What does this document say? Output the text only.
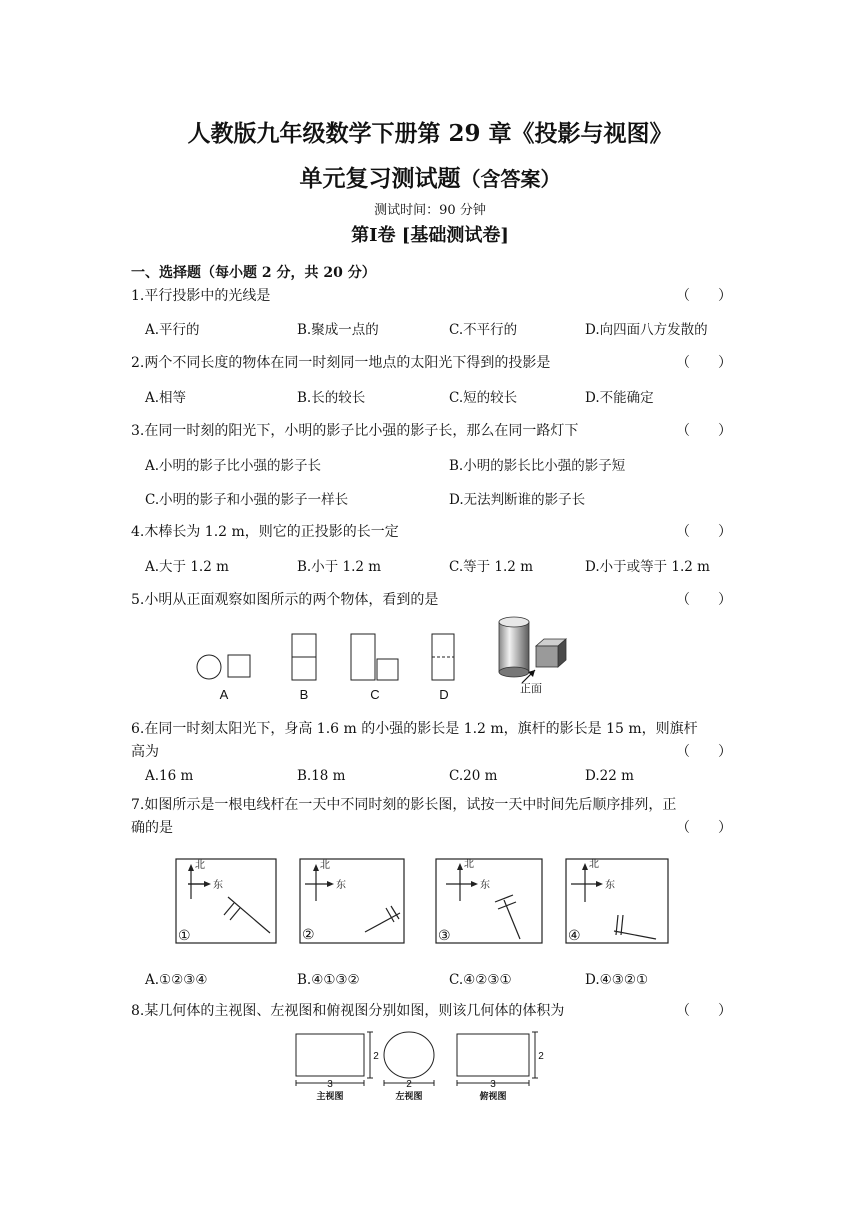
人教版九年级数学下册第 29 章《投影与视图》
单元复习测试题（含答案）
测试时间：90 分钟
第Ⅰ卷 [基础测试卷]
一、选择题（每小题 2 分，共 20 分）
1.平行投影中的光线是	（　　）
A.平行的	B.聚成一点的	C.不平行的	D.向四面八方发散的
2.两个不同长度的物体在同一时刻同一地点的太阳光下得到的投影是	（　　）
A.相等	B.长的较长	C.短的较长	D.不能确定
3.在同一时刻的阳光下，小明的影子比小强的影子长，那么在同一路灯下	（　　）
A.小明的影子比小强的影子长	B.小明的影长比小强的影子短
C.小明的影子和小强的影子一样长	D.无法判断谁的影子长
4.木棒长为 1.2 m，则它的正投影的长一定	（　　）
A.大于 1.2 m	B.小于 1.2 m	C.等于 1.2 m	D.小于或等于 1.2 m
5.小明从正面观察如图所示的两个物体，看到的是	（　　）
A	B	C	D	正面
6.在同一时刻太阳光下，身高 1.6 m 的小强的影长是 1.2 m，旗杆的影长是 15 m，则旗杆
高为	（　　）
A.16 m	B.18 m	C.20 m	D.22 m
7.如图所示是一根电线杆在一天中不同时刻的影长图，试按一天中时间先后顺序排列，正
确的是	（　　）
北
东
北
东
北
东
北
东
①	②	③	④
A.①②③④	B.④①③②	C.④②③①	D.④③②①
8.某几何体的主视图、左视图和俯视图分别如图，则该几何体的体积为	（　　）
3
2
2	3
2
主视图	左视图	俯视图
